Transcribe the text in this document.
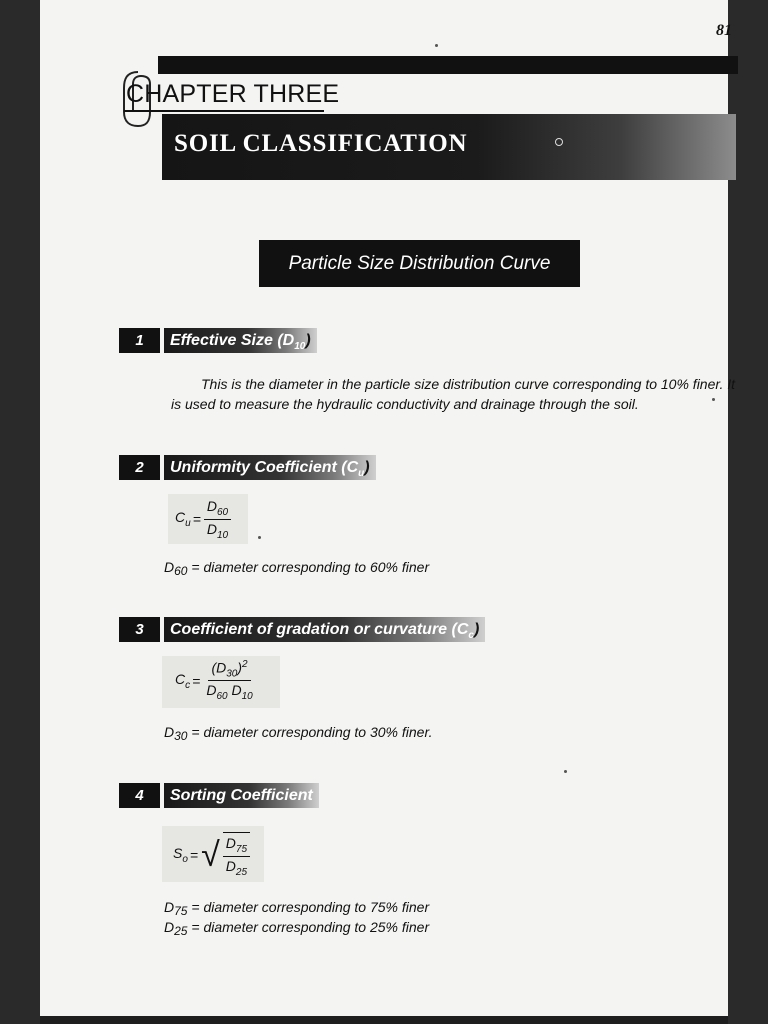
81
CHAPTER THREE
SOIL CLASSIFICATION
Particle Size Distribution Curve
1	Effective Size $(D_{10})$
This is the diameter in the particle size distribution curve corresponding to 10% finer. It is used to measure the hydraulic conductivity and drainage through the soil.
2	Uniformity Coefficient $(C_u)$
$C_u = \frac{D_{60}}{D_{10}}$
D60 = diameter corresponding to 60% finer
3	Coefficient of gradation or curvature $(C_c)$
$C_c = \frac{(D_{30})^2}{D_{60} D_{10}}$
D30 = diameter corresponding to 30% finer.
4	Sorting Coefficient
$S_o$ = √ $\frac{D_{75}}{D_{25}}$
D75 = diameter corresponding to 75% finer
D25 = diameter corresponding to 25% finer
